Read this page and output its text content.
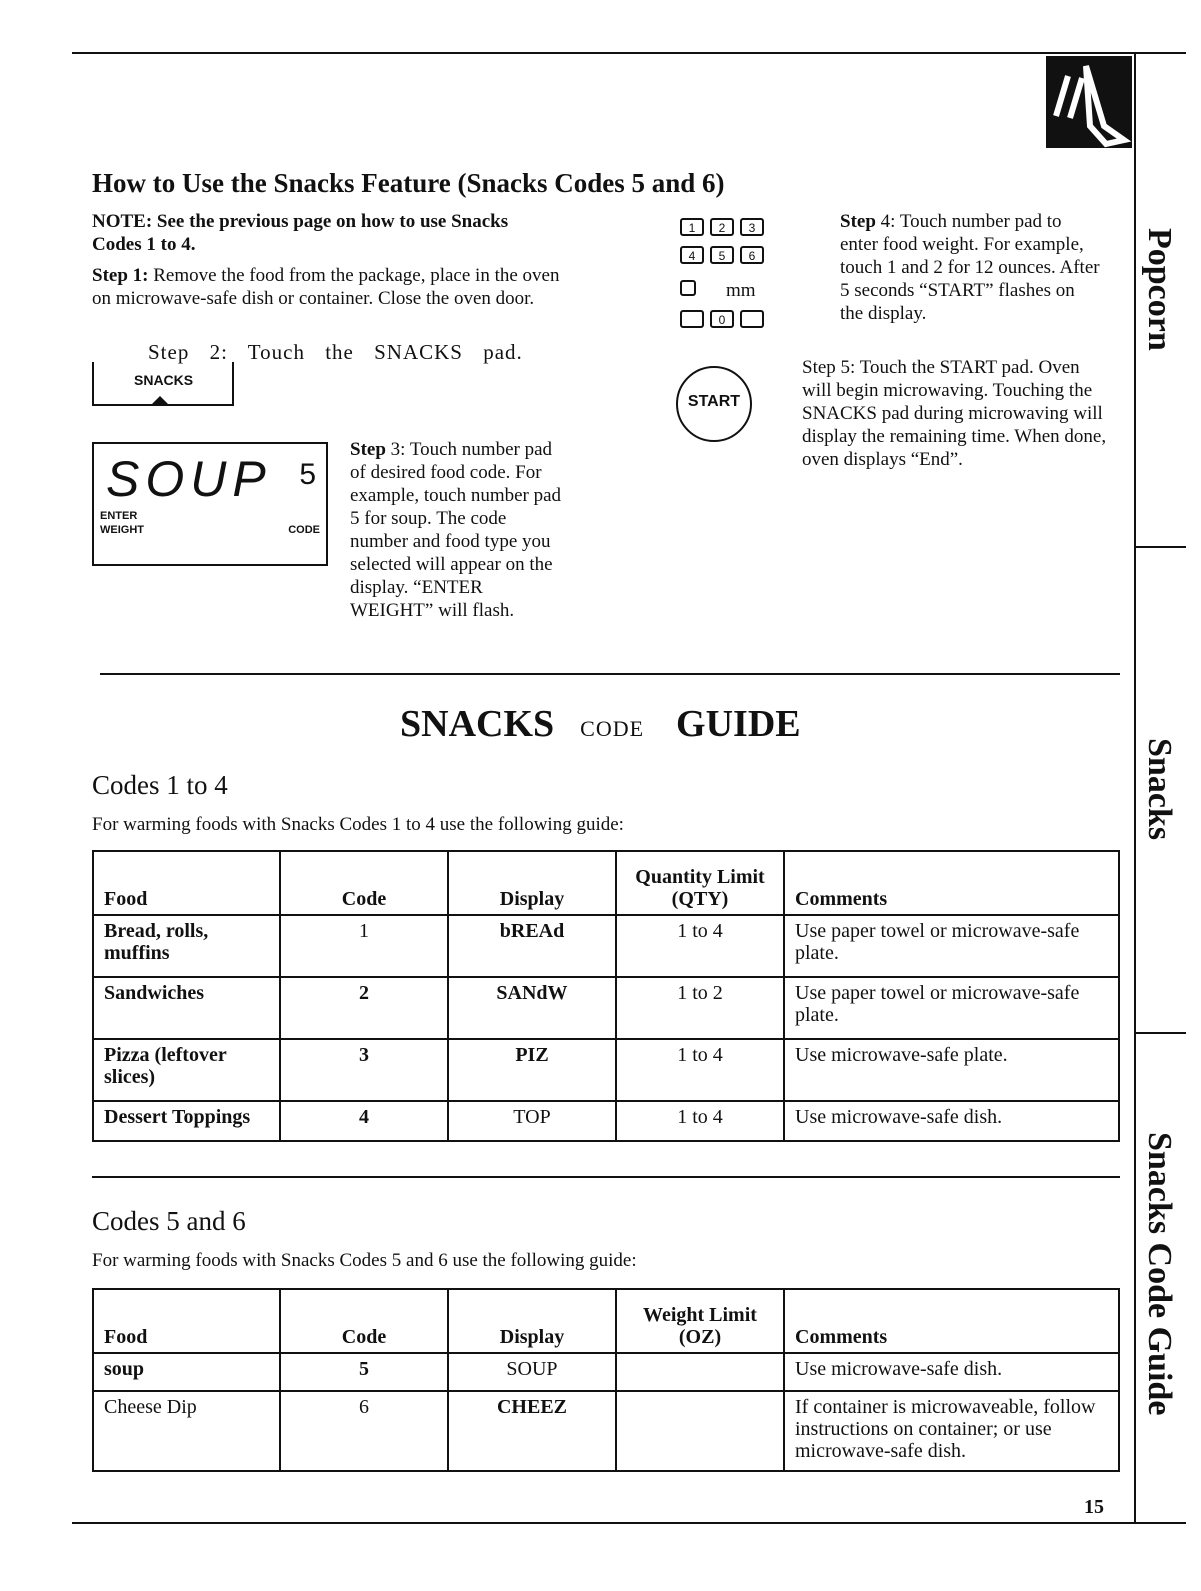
Popcorn
Snacks
Snacks Code Guide
How to Use the Snacks Feature (Snacks Codes 5 and 6)
NOTE: See the previous page on how to use Snacks Codes 1 to 4.
Step 1: Remove the food from the package, place in the oven on microwave-safe dish or container. Close the oven door.
Step 2: Touch the SNACKS pad.
SNACKS
SOUP 5
ENTER
WEIGHT	CODE
Step 3: Touch number pad of desired food code. For example, touch number pad 5 for soup. The code number and food type you selected will appear on the display. “ENTER WEIGHT” will flash.
1	2	3
4	5	6
mm
0
START
Step 4: Touch number pad to enter food weight. For example, touch 1 and 2 for 12 ounces. After 5 seconds “START” flashes on the display.
Step 5: Touch the START pad. Oven will begin microwaving. Touching the SNACKS pad during microwaving will display the remaining time. When done, oven displays “End”.
SNACKS CODE GUIDE
Codes 1 to 4
For warming foods with Snacks Codes 1 to 4 use the following guide:
Food	Code	Display	Quantity Limit (QTY)	Comments
Bread, rolls, muffins	1	bREAd	1 to 4	Use paper towel or microwave-safe plate.
Sandwiches	2	SANdW	1 to 2	Use paper towel or microwave-safe plate.
Pizza (leftover slices)	3	PIZ	1 to 4	Use microwave-safe plate.
Dessert Toppings	4	TOP	1 to 4	Use microwave-safe dish.
Codes 5 and 6
For warming foods with Snacks Codes 5 and 6 use the following guide:
Food	Code	Display	Weight Limit (OZ)	Comments
soup	5	SOUP		Use microwave-safe dish.
Cheese Dip	6	CHEEZ		If container is microwaveable, follow instructions on container; or use microwave-safe dish.
15
